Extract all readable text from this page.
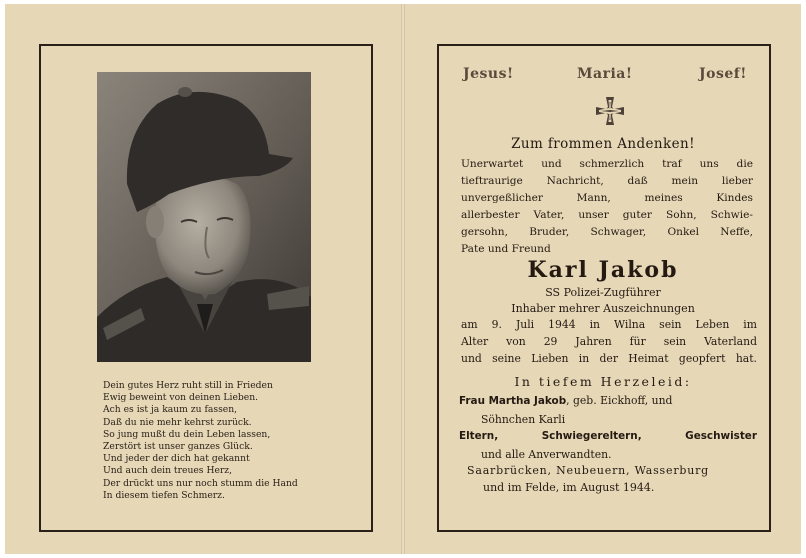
Dein gutes Herz ruht still in Frieden
Ewig beweint von deinen Lieben.
Ach es ist ja kaum zu fassen,
Daß du nie mehr kehrst zurück.
So jung mußt du dein Leben lassen,
Zerstört ist unser ganzes Glück.
Und jeder der dich hat gekannt
Und auch dein treues Herz,
Der drückt uns nur noch stumm die Hand
In diesem tiefen Schmerz.
Jesus!	Maria!	Josef!
Zum frommen Andenken!
Unerwartet und schmerzlich traf uns die
tieftraurige Nachricht, daß mein lieber
unvergeßlicher Mann, meines Kindes
allerbester Vater, unser guter Sohn, Schwie-
gersohn, Bruder, Schwager, Onkel Neffe,
Pate und Freund
Karl Jakob
SS Polizei-Zugführer
Inhaber mehrer Auszeichnungen
am 9. Juli 1944 in Wilna sein Leben im
Alter von 29 Jahren für sein Vaterland
und seine Lieben in der Heimat geopfert hat.
In tiefem Herzeleid:
Frau Martha Jakob, geb. Eickhoff, und
Söhnchen Karli
Eltern,	Schwiegereltern,	Geschwister
und alle Anverwandten.
Saarbrücken, Neubeuern, Wasserburg
und im Felde, im August 1944.
